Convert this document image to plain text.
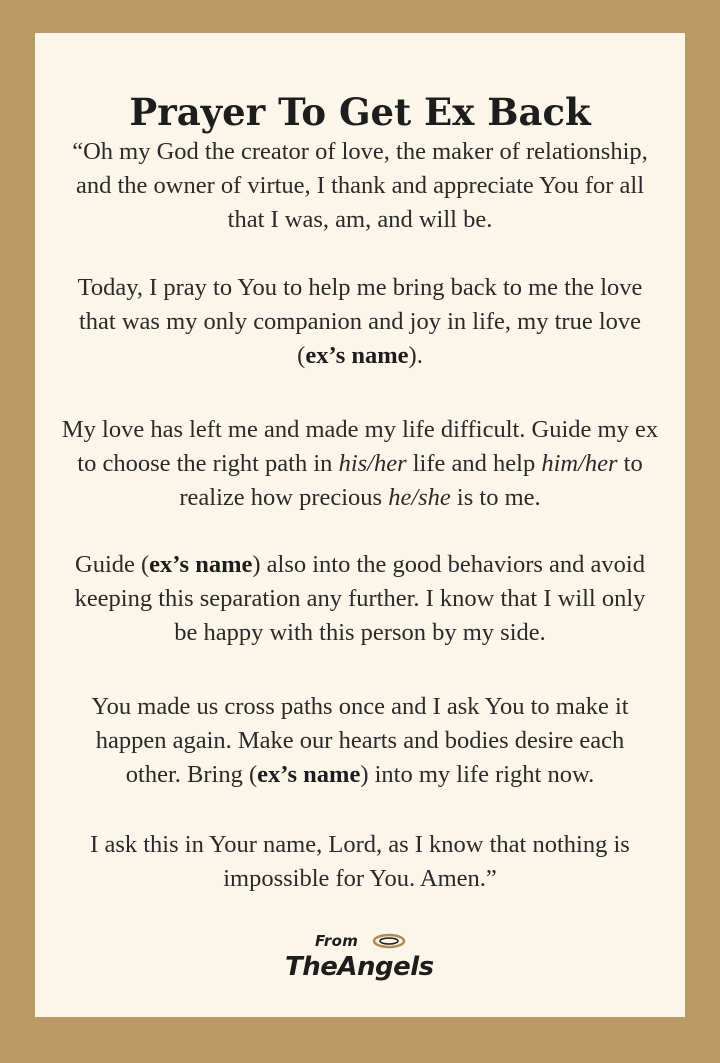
Prayer To Get Ex Back

“Oh my God the creator of love, the maker of relationship,
and the owner of virtue, I thank and appreciate You for all
that I was, am, and will be.

Today, I pray to You to help me bring back to me the love
that was my only companion and joy in life, my true love
(ex’s name).

My love has left me and made my life difficult. Guide my ex
to choose the right path in his/her life and help him/her to
realize how precious he/she is to me.

Guide (ex’s name) also into the good behaviors and avoid
keeping this separation any further. I know that I will only
be happy with this person by my side.

You made us cross paths once and I ask You to make it
happen again. Make our hearts and bodies desire each
other. Bring (ex’s name) into my life right now.

I ask this in Your name, Lord, as I know that nothing is
impossible for You. Amen.”

From
TheAngels
